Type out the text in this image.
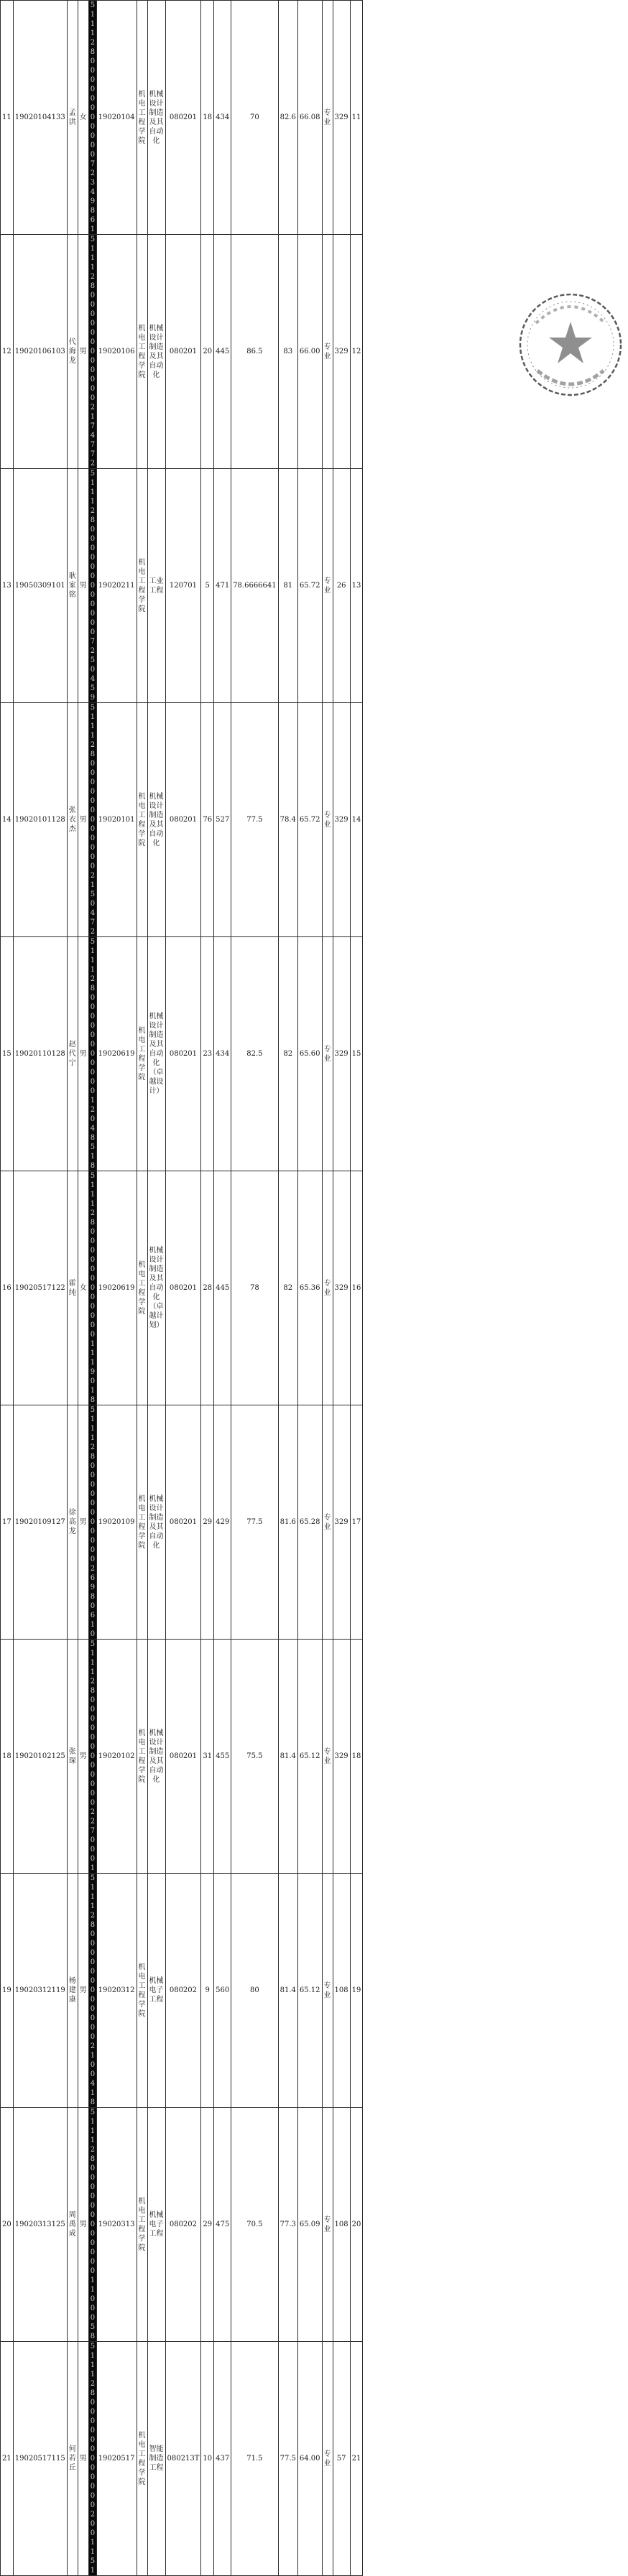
11	19020104133	孟洪	女	5111280000000000072349861	19020104	机电工程学院	机械设计制造及其自动化	080201	18	434	70	82.6	66.08	专业	329	11
12	19020106103	代海龙	男	5111280000000000002174772	19020106	机电工程学院	机械设计制造及其自动化	080201	20	445	86.5	83	66.00	专业	329	12
13	19050309101	耿家铭	男	5111280000000000007250459	19020211	机电工程学院	工业工程	120701	5	471	78.6666641	81	65.72	专业	26	13
14	19020101128	张衣杰	男	5111280000000000002150472	19020101	机电工程学院	机械设计制造及其自动化	080201	76	527	77.5	78.4	65.72	专业	329	14
15	19020110128	赵代宁	男	5111280000000000012048518	19020619	机电工程学院	机械设计制造及其自动化（卓越设计）	080201	23	434	82.5	82	65.60	专业	329	15
16	19020517122	霍纯	女	5111280000000000001119018	19020619	机电工程学院	机械设计制造及其自动化（卓越计划）	080201	28	445	78	82	65.36	专业	329	16
17	19020109127	徐高龙	男	5111280000000000026980610	19020109	机电工程学院	机械设计制造及其自动化	080201	29	429	77.5	81.6	65.28	专业	329	17
18	19020102125	张琛	男	5111280000000000002270001	19020102	机电工程学院	机械设计制造及其自动化	080201	31	455	75.5	81.4	65.12	专业	329	18
19	19020312119	杨建康	男	5111280000000000002100418	19020312	机电工程学院	机械电子工程	080202	9	560	80	81.4	65.12	专业	108	19
20	19020313125	周禹成	男	5111280000000000001100058	19020313	机电工程学院	机械电子工程	080202	29	475	70.5	77.3	65.09	专业	108	20
21	19020517115	何若丘	男	5111280000000000002001151	19020517	机电工程学院	智能制造工程	080213T	10	437	71.5	77.5	64.00	专业	57	21
